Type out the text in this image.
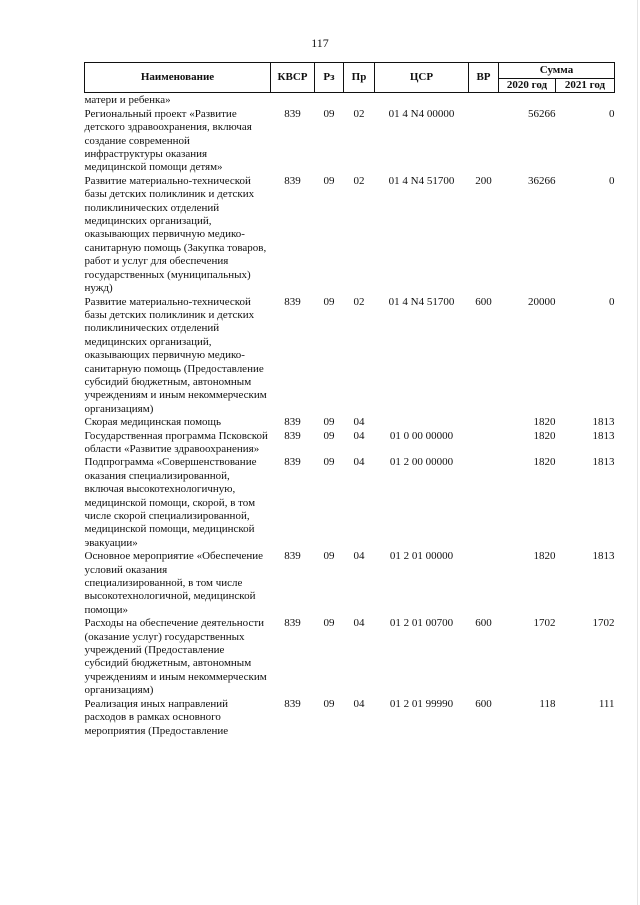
117
Наименование	КВСР	Рз	Пр	ЦСР	ВР	Сумма	
						2020 год	2021 год
матери и ребенка»							
Региональный проект «Развитие детского здравоохранения, включая создание современной инфраструктуры оказания медицинской помощи детям»	839	09	02	01 4 N4 00000		56266	0
Развитие материально-технической базы детских поликлиник и детских поликлинических отделений медицинских организаций, оказывающих первичную медико-санитарную помощь (Закупка товаров, работ и услуг для обеспечения государственных (муниципальных) нужд)	839	09	02	01 4 N4 51700	200	36266	0
Развитие материально-технической базы детских поликлиник и детских поликлинических отделений медицинских организаций, оказывающих первичную медико-санитарную помощь (Предоставление субсидий бюджетным, автономным учреждениям и иным некоммерческим организациям)	839	09	02	01 4 N4 51700	600	20000	0
Скорая медицинская помощь	839	09	04			1820	1813
Государственная программа Псковской области «Развитие здравоохранения»	839	09	04	01 0 00 00000		1820	1813
Подпрограмма «Совершенствование оказания специализированной, включая высокотехнологичную, медицинской помощи, скорой, в том числе скорой специализированной, медицинской помощи, медицинской эвакуации»	839	09	04	01 2 00 00000		1820	1813
Основное мероприятие «Обеспечение условий оказания специализированной, в том числе высокотехнологичной, медицинской помощи»	839	09	04	01 2 01 00000		1820	1813
Расходы на обеспечение деятельности (оказание услуг) государственных учреждений (Предоставление субсидий бюджетным, автономным учреждениям и иным некоммерческим организациям)	839	09	04	01 2 01 00700	600	1702	1702
Реализация иных направлений расходов в рамках основного мероприятия (Предоставление	839	09	04	01 2 01 99990	600	118	111
